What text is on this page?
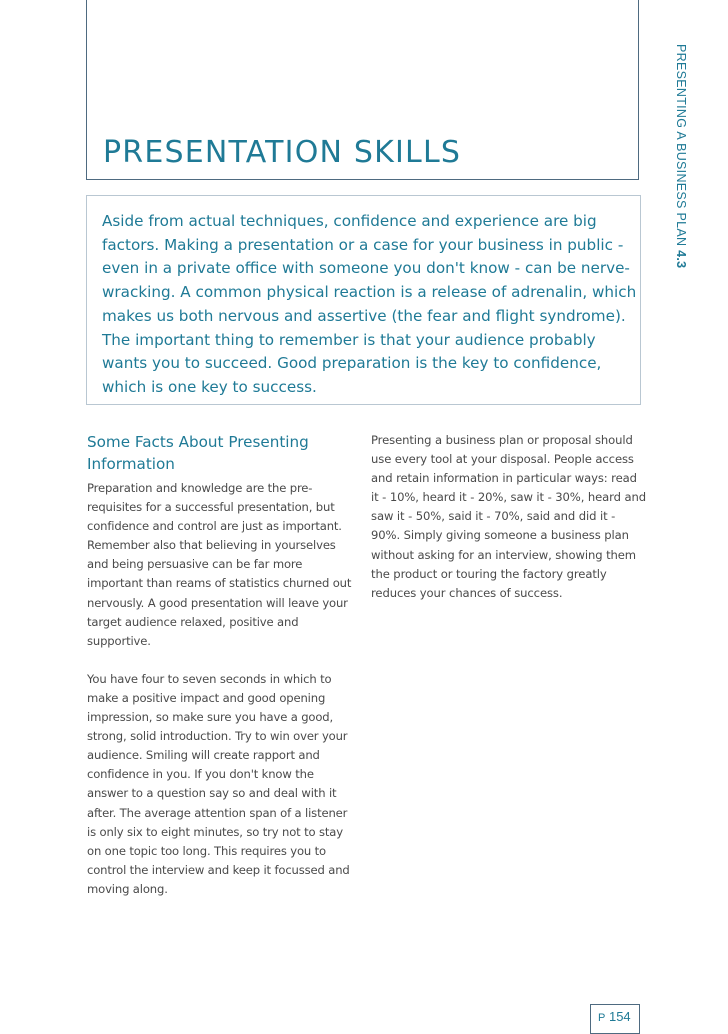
PRESENTATION SKILLS	PRESENTING A BUSINESS PLAN 4.3

Aside from actual techniques, confidence and experience are big factors. Making a presentation or a case for your business in public - even in a private office with someone you don't know - can be nerve-wracking. A common physical reaction is a release of adrenalin, which makes us both nervous and assertive (the fear and flight syndrome). The important thing to remember is that your audience probably wants you to succeed. Good preparation is the key to confidence, which is one key to success.

Some Facts About Presenting Information

Preparation and knowledge are the pre-requisites for a successful presentation, but confidence and control are just as important. Remember also that believing in yourselves and being persuasive can be far more important than reams of statistics churned out nervously. A good presentation will leave your target audience relaxed, positive and supportive.

You have four to seven seconds in which to make a positive impact and good opening impression, so make sure you have a good, strong, solid introduction. Try to win over your audience. Smiling will create rapport and confidence in you. If you don't know the answer to a question say so and deal with it after. The average attention span of a listener is only six to eight minutes, so try not to stay on one topic too long. This requires you to control the interview and keep it focussed and moving along.

Presenting a business plan or proposal should use every tool at your disposal. People access and retain information in particular ways: read it - 10%, heard it - 20%, saw it - 30%, heard and saw it - 50%, said it - 70%, said and did it - 90%. Simply giving someone a business plan without asking for an interview, showing them the product or touring the factory greatly reduces your chances of success.

P 154
